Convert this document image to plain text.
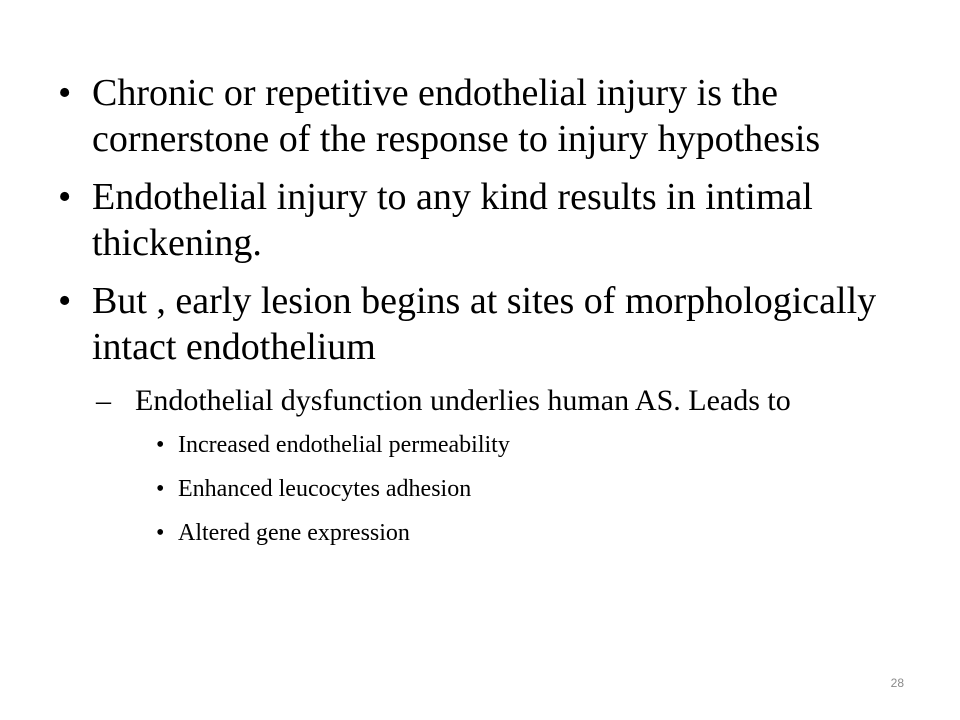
• Chronic or repetitive endothelial injury is the cornerstone of the response to injury hypothesis
• Endothelial injury to any kind results in intimal thickening.
• But , early lesion begins at sites of morphologically intact endothelium
– Endothelial dysfunction underlies human AS. Leads to
• Increased endothelial permeability
• Enhanced leucocytes adhesion
• Altered gene expression
28
